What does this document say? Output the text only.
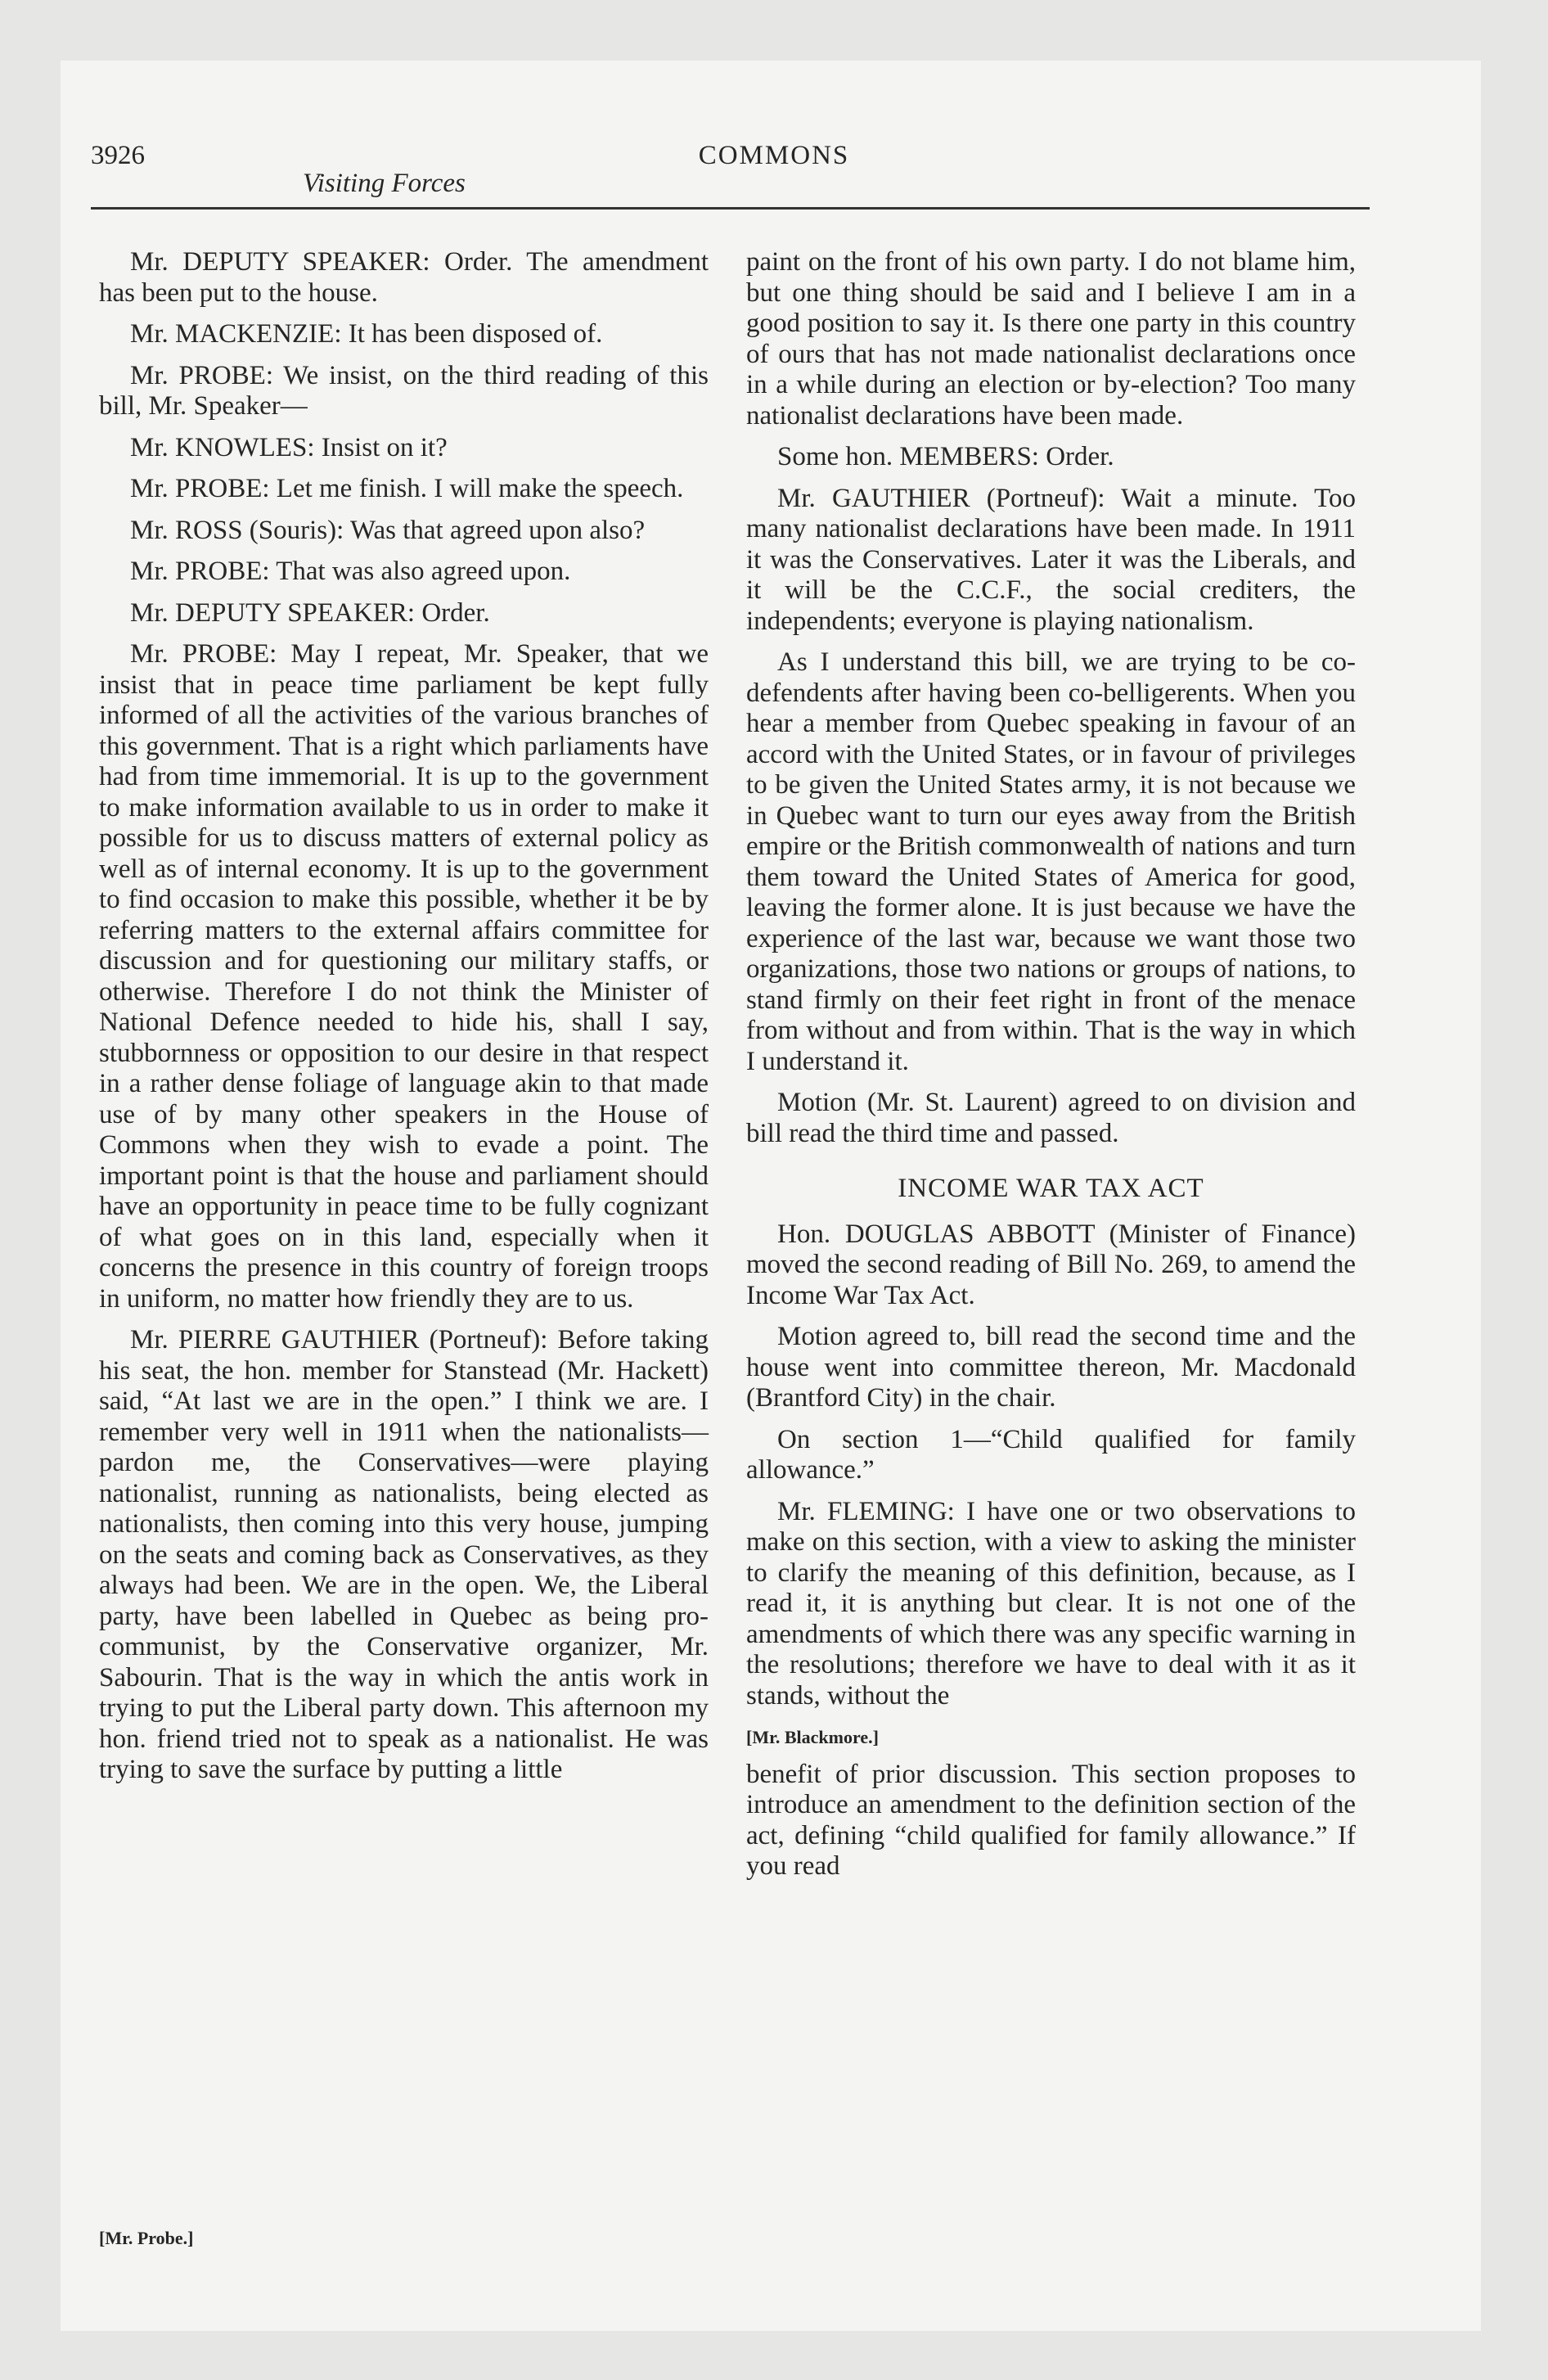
3926	COMMONS
Visiting Forces

Mr. DEPUTY SPEAKER: Order. The amendment has been put to the house.

Mr. MACKENZIE: It has been disposed of.

Mr. PROBE: We insist, on the third reading of this bill, Mr. Speaker—

Mr. KNOWLES: Insist on it?

Mr. PROBE: Let me finish. I will make the speech.

Mr. ROSS (Souris): Was that agreed upon also?

Mr. PROBE: That was also agreed upon.

Mr. DEPUTY SPEAKER: Order.

Mr. PROBE: May I repeat, Mr. Speaker, that we insist that in peace time parliament be kept fully informed of all the activities of the various branches of this government. That is a right which parliaments have had from time immemorial. It is up to the government to make information available to us in order to make it possible for us to discuss matters of external policy as well as of internal economy. It is up to the government to find occasion to make this possible, whether it be by referring matters to the external affairs committee for discussion and for questioning our military staffs, or otherwise. Therefore I do not think the Minister of National Defence needed to hide his, shall I say, stubbornness or opposition to our desire in that respect in a rather dense foliage of language akin to that made use of by many other speakers in the House of Commons when they wish to evade a point. The important point is that the house and parliament should have an opportunity in peace time to be fully cognizant of what goes on in this land, especially when it concerns the presence in this country of foreign troops in uniform, no matter how friendly they are to us.

Mr. PIERRE GAUTHIER (Portneuf): Before taking his seat, the hon. member for Stanstead (Mr. Hackett) said, “At last we are in the open.” I think we are. I remember very well in 1911 when the nationalists—pardon me, the Conservatives—were playing nationalist, running as nationalists, being elected as nationalists, then coming into this very house, jumping on the seats and coming back as Conservatives, as they always had been. We are in the open. We, the Liberal party, have been labelled in Quebec as being pro-communist, by the Conservative organizer, Mr. Sabourin. That is the way in which the antis work in trying to put the Liberal party down. This afternoon my hon. friend tried not to speak as a nationalist. He was trying to save the surface by putting a little

[Mr. Probe.]

paint on the front of his own party. I do not blame him, but one thing should be said and I believe I am in a good position to say it. Is there one party in this country of ours that has not made nationalist declarations once in a while during an election or by-election? Too many nationalist declarations have been made.

Some hon. MEMBERS: Order.

Mr. GAUTHIER (Portneuf): Wait a minute. Too many nationalist declarations have been made. In 1911 it was the Conservatives. Later it was the Liberals, and it will be the C.C.F., the social crediters, the independents; everyone is playing nationalism.

As I understand this bill, we are trying to be co-defendents after having been co-belligerents. When you hear a member from Quebec speaking in favour of an accord with the United States, or in favour of privileges to be given the United States army, it is not because we in Quebec want to turn our eyes away from the British empire or the British commonwealth of nations and turn them toward the United States of America for good, leaving the former alone. It is just because we have the experience of the last war, because we want those two organizations, those two nations or groups of nations, to stand firmly on their feet right in front of the menace from without and from within. That is the way in which I understand it.

Motion (Mr. St. Laurent) agreed to on division and bill read the third time and passed.

INCOME WAR TAX ACT

Hon. DOUGLAS ABBOTT (Minister of Finance) moved the second reading of Bill No. 269, to amend the Income War Tax Act.

Motion agreed to, bill read the second time and the house went into committee thereon, Mr. Macdonald (Brantford City) in the chair.

On section 1—“Child qualified for family allowance.”

Mr. FLEMING: I have one or two observations to make on this section, with a view to asking the minister to clarify the meaning of this definition, because, as I read it, it is anything but clear. It is not one of the amendments of which there was any specific warning in the resolutions; therefore we have to deal with it as it stands, without the

[Mr. Blackmore.]

benefit of prior discussion. This section proposes to introduce an amendment to the definition section of the act, defining “child qualified for family allowance.” If you read
